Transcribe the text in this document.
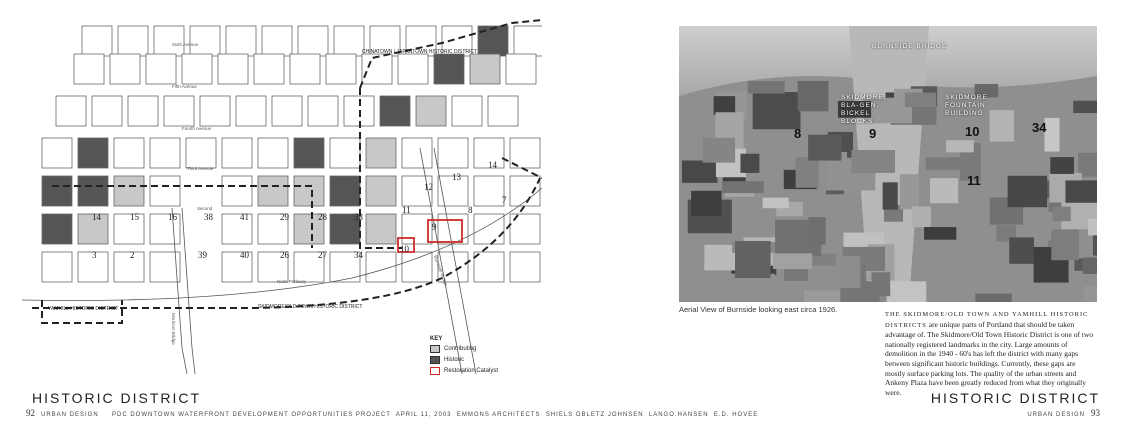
Sixth Avenue
Fifth Avenue
Fourth Avenue
Third Avenue
Second
Naito Parkway
Morrison Bridge
Burnside Bridge
CHINATOWN / JAPANTOWN HISTORIC DISTRICT
YAMHILL HISTORIC DISTRICT	SKIDMORE/OLD TOWN HISTORIC DISTRICT
14	15	16	38	41	29	28	33
3	2	39	40	26	27	34
10
9
8
11
12
13
14
7
KEY
Contributing
Historic
Restoration Catalyst
HISTORIC DISTRICT
92 URBAN DESIGN     PDC DOWNTOWN WATERFRONT DEVELOPMENT OPPORTUNITIES PROJECT  APRIL 11, 2003  EMMONS ARCHITECTS  SHIELS OBLETZ JOHNSEN  LANGO.HANSEN  E.D. HOVEE
BURNSIDE BRIDGE
SKIDMORE, BLA-GEN, BICKEL BLOCKS
SKIDMORE FOUNTAIN BUILDING
8	9	10	34
11
Aerial View of Burnside looking east circa 1926.
THE SKIDMORE/OLD TOWN AND YAMHILL HISTORIC DISTRICTS are unique parts of Portland that should be taken advantage of. The Skidmore/Old Town Historic District is one of two nationally registered landmarks in the city. Large amounts of demolition in the 1940 - 60's has left the district with many gaps between significant historic buildings. Currently, these gaps are mostly surface parking lots. The quality of the urban streets and Ankeny Plaza have been greatly reduced from what they originally were.	HISTORIC DISTRICT
URBAN DESIGN 93
